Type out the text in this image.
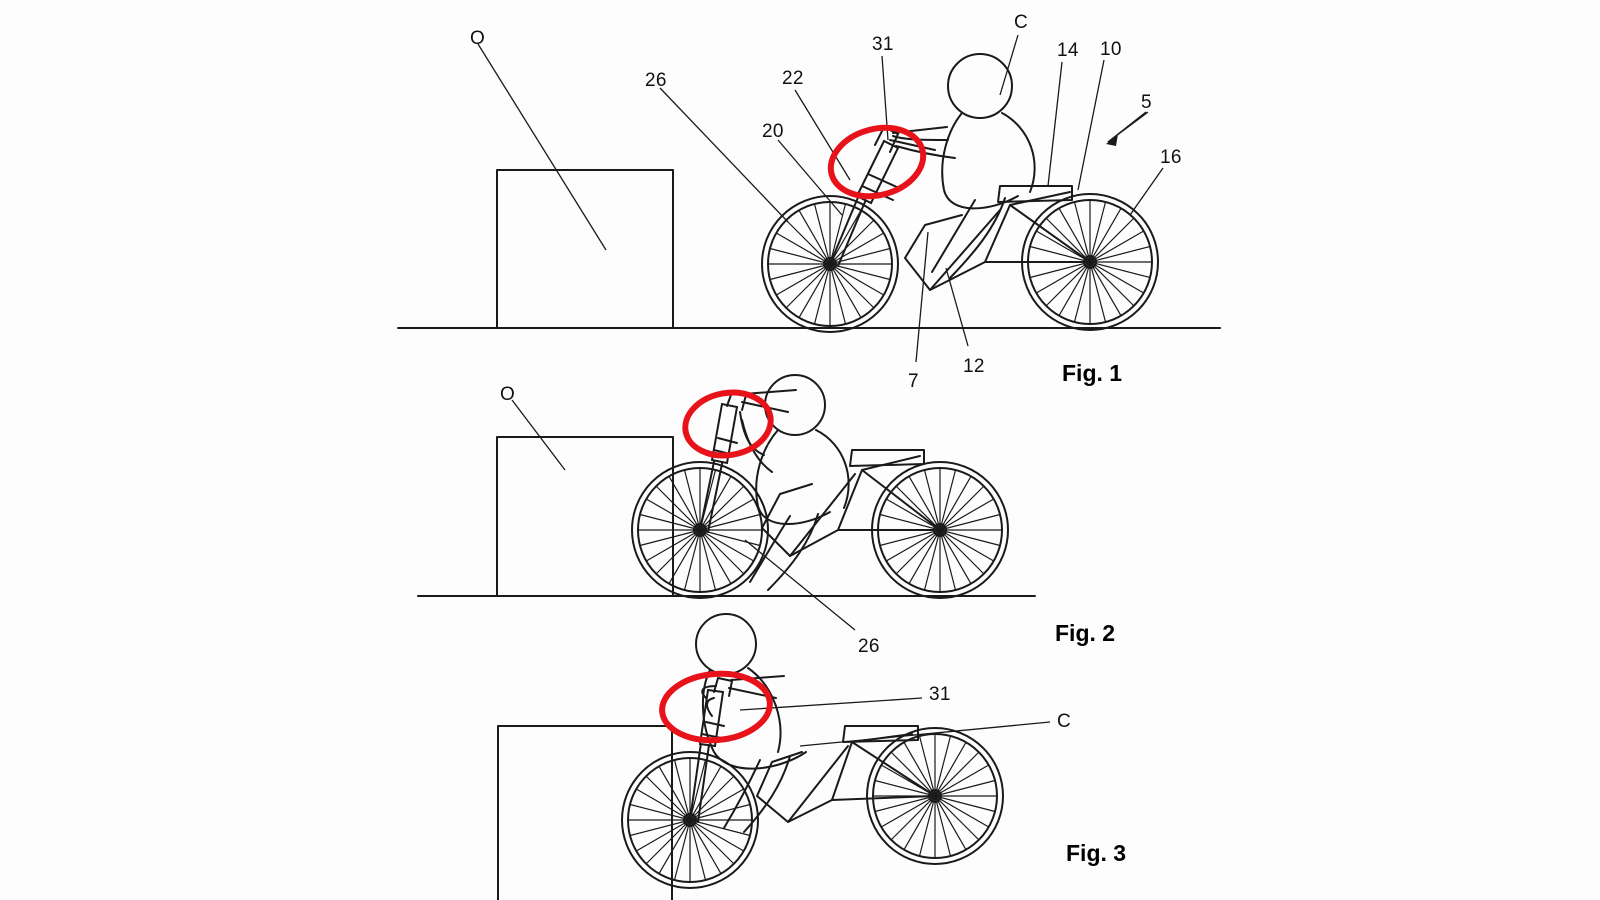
O
26	22
20
31
C
14 10
5
16
7
12
O
26
31
C
Fig. 1
Fig. 2
Fig. 3
